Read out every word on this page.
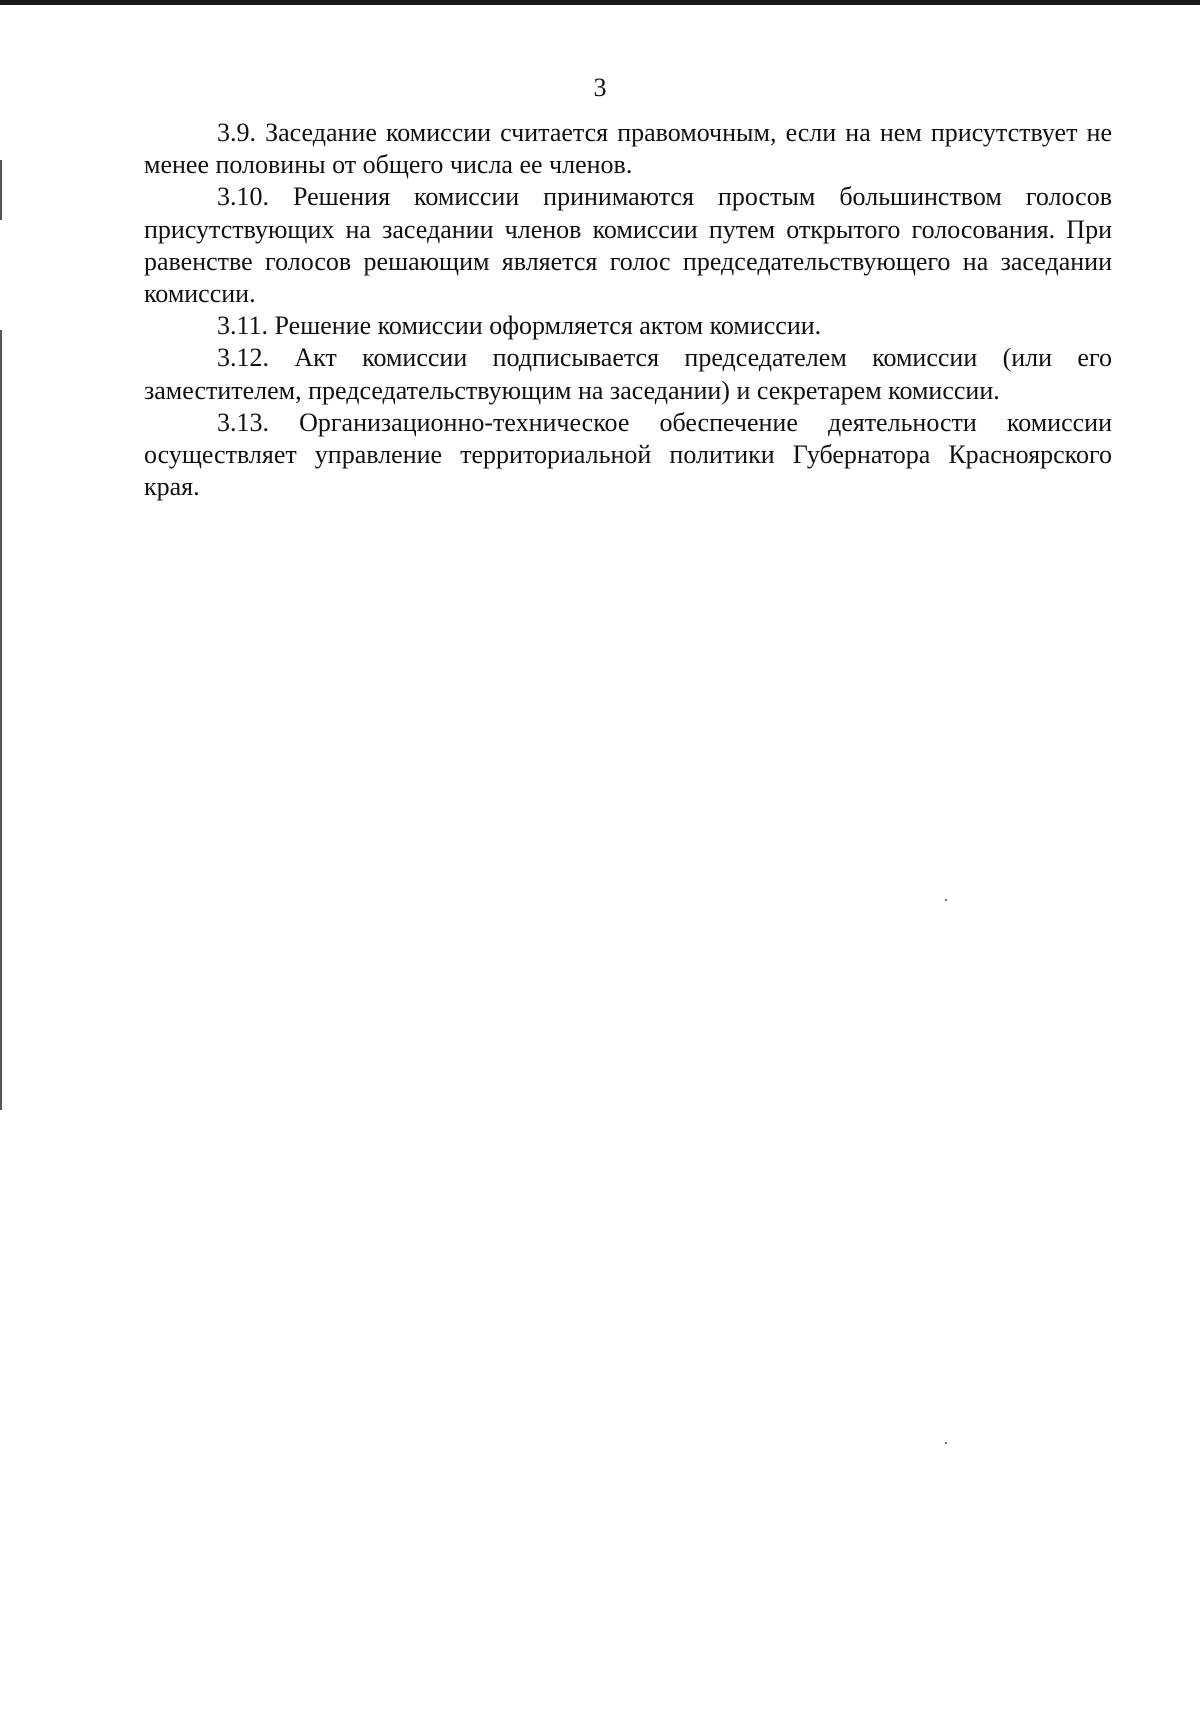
3

3.9. Заседание комиссии считается правомочным, если на нем присутствует не менее половины от общего числа ее членов.

3.10. Решения комиссии принимаются простым большинством голосов присутствующих на заседании членов комиссии путем открытого голосования. При равенстве голосов решающим является голос председательствующего на заседании комиссии.

3.11. Решение комиссии оформляется актом комиссии.

3.12. Акт комиссии подписывается председателем комиссии (или его заместителем, председательствующим на заседании) и секретарем комиссии.

3.13. Организационно-техническое обеспечение деятельности комиссии осуществляет управление территориальной политики Губернатора Красноярского края.
